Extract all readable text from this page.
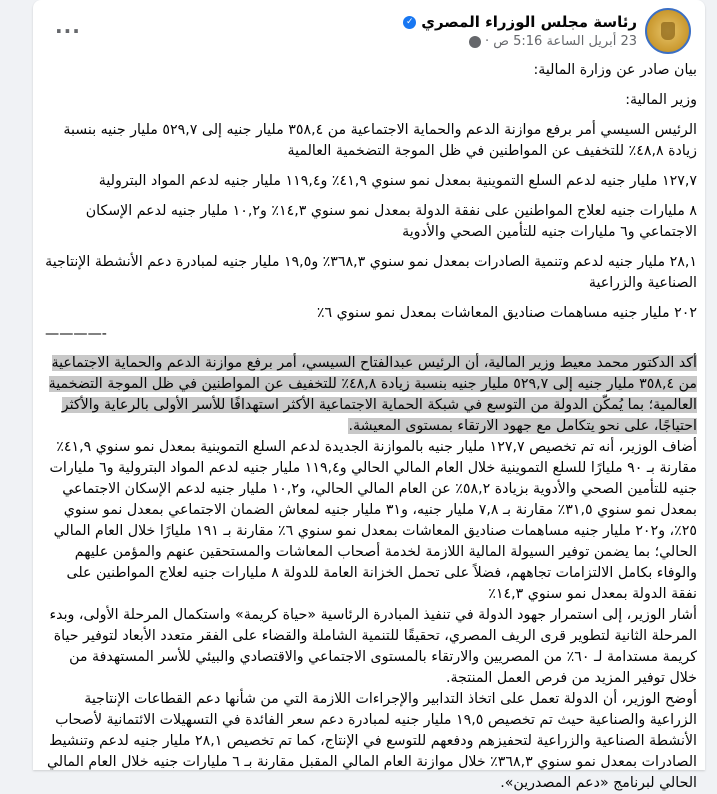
...	رئاسة مجلس الوزراء المصري
✓
23 أبريل الساعة 5:16 ص ·

بيان صادر عن وزارة المالية:

وزير المالية:

الرئيس السيسي أمر برفع موازنة الدعم والحماية الاجتماعية من ٣٥٨,٤ مليار جنيه إلى ٥٢٩,٧ مليار جنيه بنسبة زيادة ٤٨,٨٪ للتخفيف عن المواطنين في ظل الموجة التضخمية العالمية

١٢٧,٧ مليار جنيه لدعم السلع التموينية بمعدل نمو سنوي ٤١,٩٪ و١١٩,٤ مليار جنيه لدعم المواد البترولية

٨ مليارات جنيه لعلاج المواطنين على نفقة الدولة بمعدل نمو سنوي ١٤,٣٪ و١٠,٢ مليار جنيه لدعم الإسكان الاجتماعي و٦ مليارات جنيه للتأمين الصحي والأدوية

٢٨,١ مليار جنيه لدعم وتنمية الصادرات بمعدل نمو سنوي ٣٦٨,٣٪ و١٩,٥ مليار جنيه لمبادرة دعم الأنشطة الإنتاجية الصناعية والزراعية

٢٠٢ مليار جنيه مساهمات صناديق المعاشات بمعدل نمو سنوي ٦٪

————-

أكد الدكتور محمد معيط وزير المالية، أن الرئيس عبدالفتاح السيسي، أمر برفع موازنة الدعم والحماية الاجتماعية من ٣٥٨,٤ مليار جنيه إلى ٥٢٩,٧ مليار جنيه بنسبة زيادة ٤٨,٨٪ للتخفيف عن المواطنين في ظل الموجة التضخمية العالمية؛ بما يُمكّن الدولة من التوسع في شبكة الحماية الاجتماعية الأكثر استهدافًا للأسر الأولى بالرعاية والأكثر احتياجًا، على نحو يتكامل مع جهود الارتقاء بمستوى المعيشة.

أضاف الوزير، أنه تم تخصيص ١٢٧,٧ مليار جنيه بالموازنة الجديدة لدعم السلع التموينية بمعدل نمو سنوي ٤١,٩٪ مقارنة بـ ٩٠ مليارًا للسلع التموينية خلال العام المالي الحالي و١١٩,٤ مليار جنيه لدعم المواد البترولية و٦ مليارات جنيه للتأمين الصحي والأدوية بزيادة ٥٨,٢٪ عن العام المالي الحالي، و١٠,٢ مليار جنيه لدعم الإسكان الاجتماعي بمعدل نمو سنوي ٣١,٥٪ مقارنة بـ ٧,٨ مليار جنيه، و٣١ مليار جنيه لمعاش الضمان الاجتماعي بمعدل نمو سنوي ٢٥٪، و٢٠٢ مليار جنيه مساهمات صناديق المعاشات بمعدل نمو سنوي ٦٪ مقارنة بـ ١٩١ مليارًا خلال العام المالي الحالي؛ بما يضمن توفير السيولة المالية اللازمة لخدمة أصحاب المعاشات والمستحقين عنهم والمؤمن عليهم والوفاء بكامل الالتزامات تجاههم، فضلاً على تحمل الخزانة العامة للدولة ٨ مليارات جنيه لعلاج المواطنين على نفقة الدولة بمعدل نمو سنوي ١٤,٣٪

أشار الوزير، إلى استمرار جهود الدولة في تنفيذ المبادرة الرئاسية «حياة كريمة» واستكمال المرحلة الأولى، وبدء المرحلة الثانية لتطوير قرى الريف المصري، تحقيقًا للتنمية الشاملة والقضاء على الفقر متعدد الأبعاد لتوفير حياة كريمة مستدامة لـ ٦٠٪ من المصريين والارتقاء بالمستوى الاجتماعي والاقتصادي والبيئي للأسر المستهدفة من خلال توفير المزيد من فرص العمل المنتجة.

أوضح الوزير، أن الدولة تعمل على اتخاذ التدابير والإجراءات اللازمة التي من شأنها دعم القطاعات الإنتاجية الزراعية والصناعية حيث تم تخصيص ١٩,٥ مليار جنيه لمبادرة دعم سعر الفائدة في التسهيلات الائتمانية لأصحاب الأنشطة الصناعية والزراعية لتحفيزهم ودفعهم للتوسع في الإنتاج، كما تم تخصيص ٢٨,١ مليار جنيه لدعم وتنشيط الصادرات بمعدل نمو سنوي ٣٦٨,٣٪ خلال موازنة العام المالي المقبل مقارنة بـ ٦ مليارات جنيه خلال العام المالي الحالي لبرنامج «دعم المصدرين».
